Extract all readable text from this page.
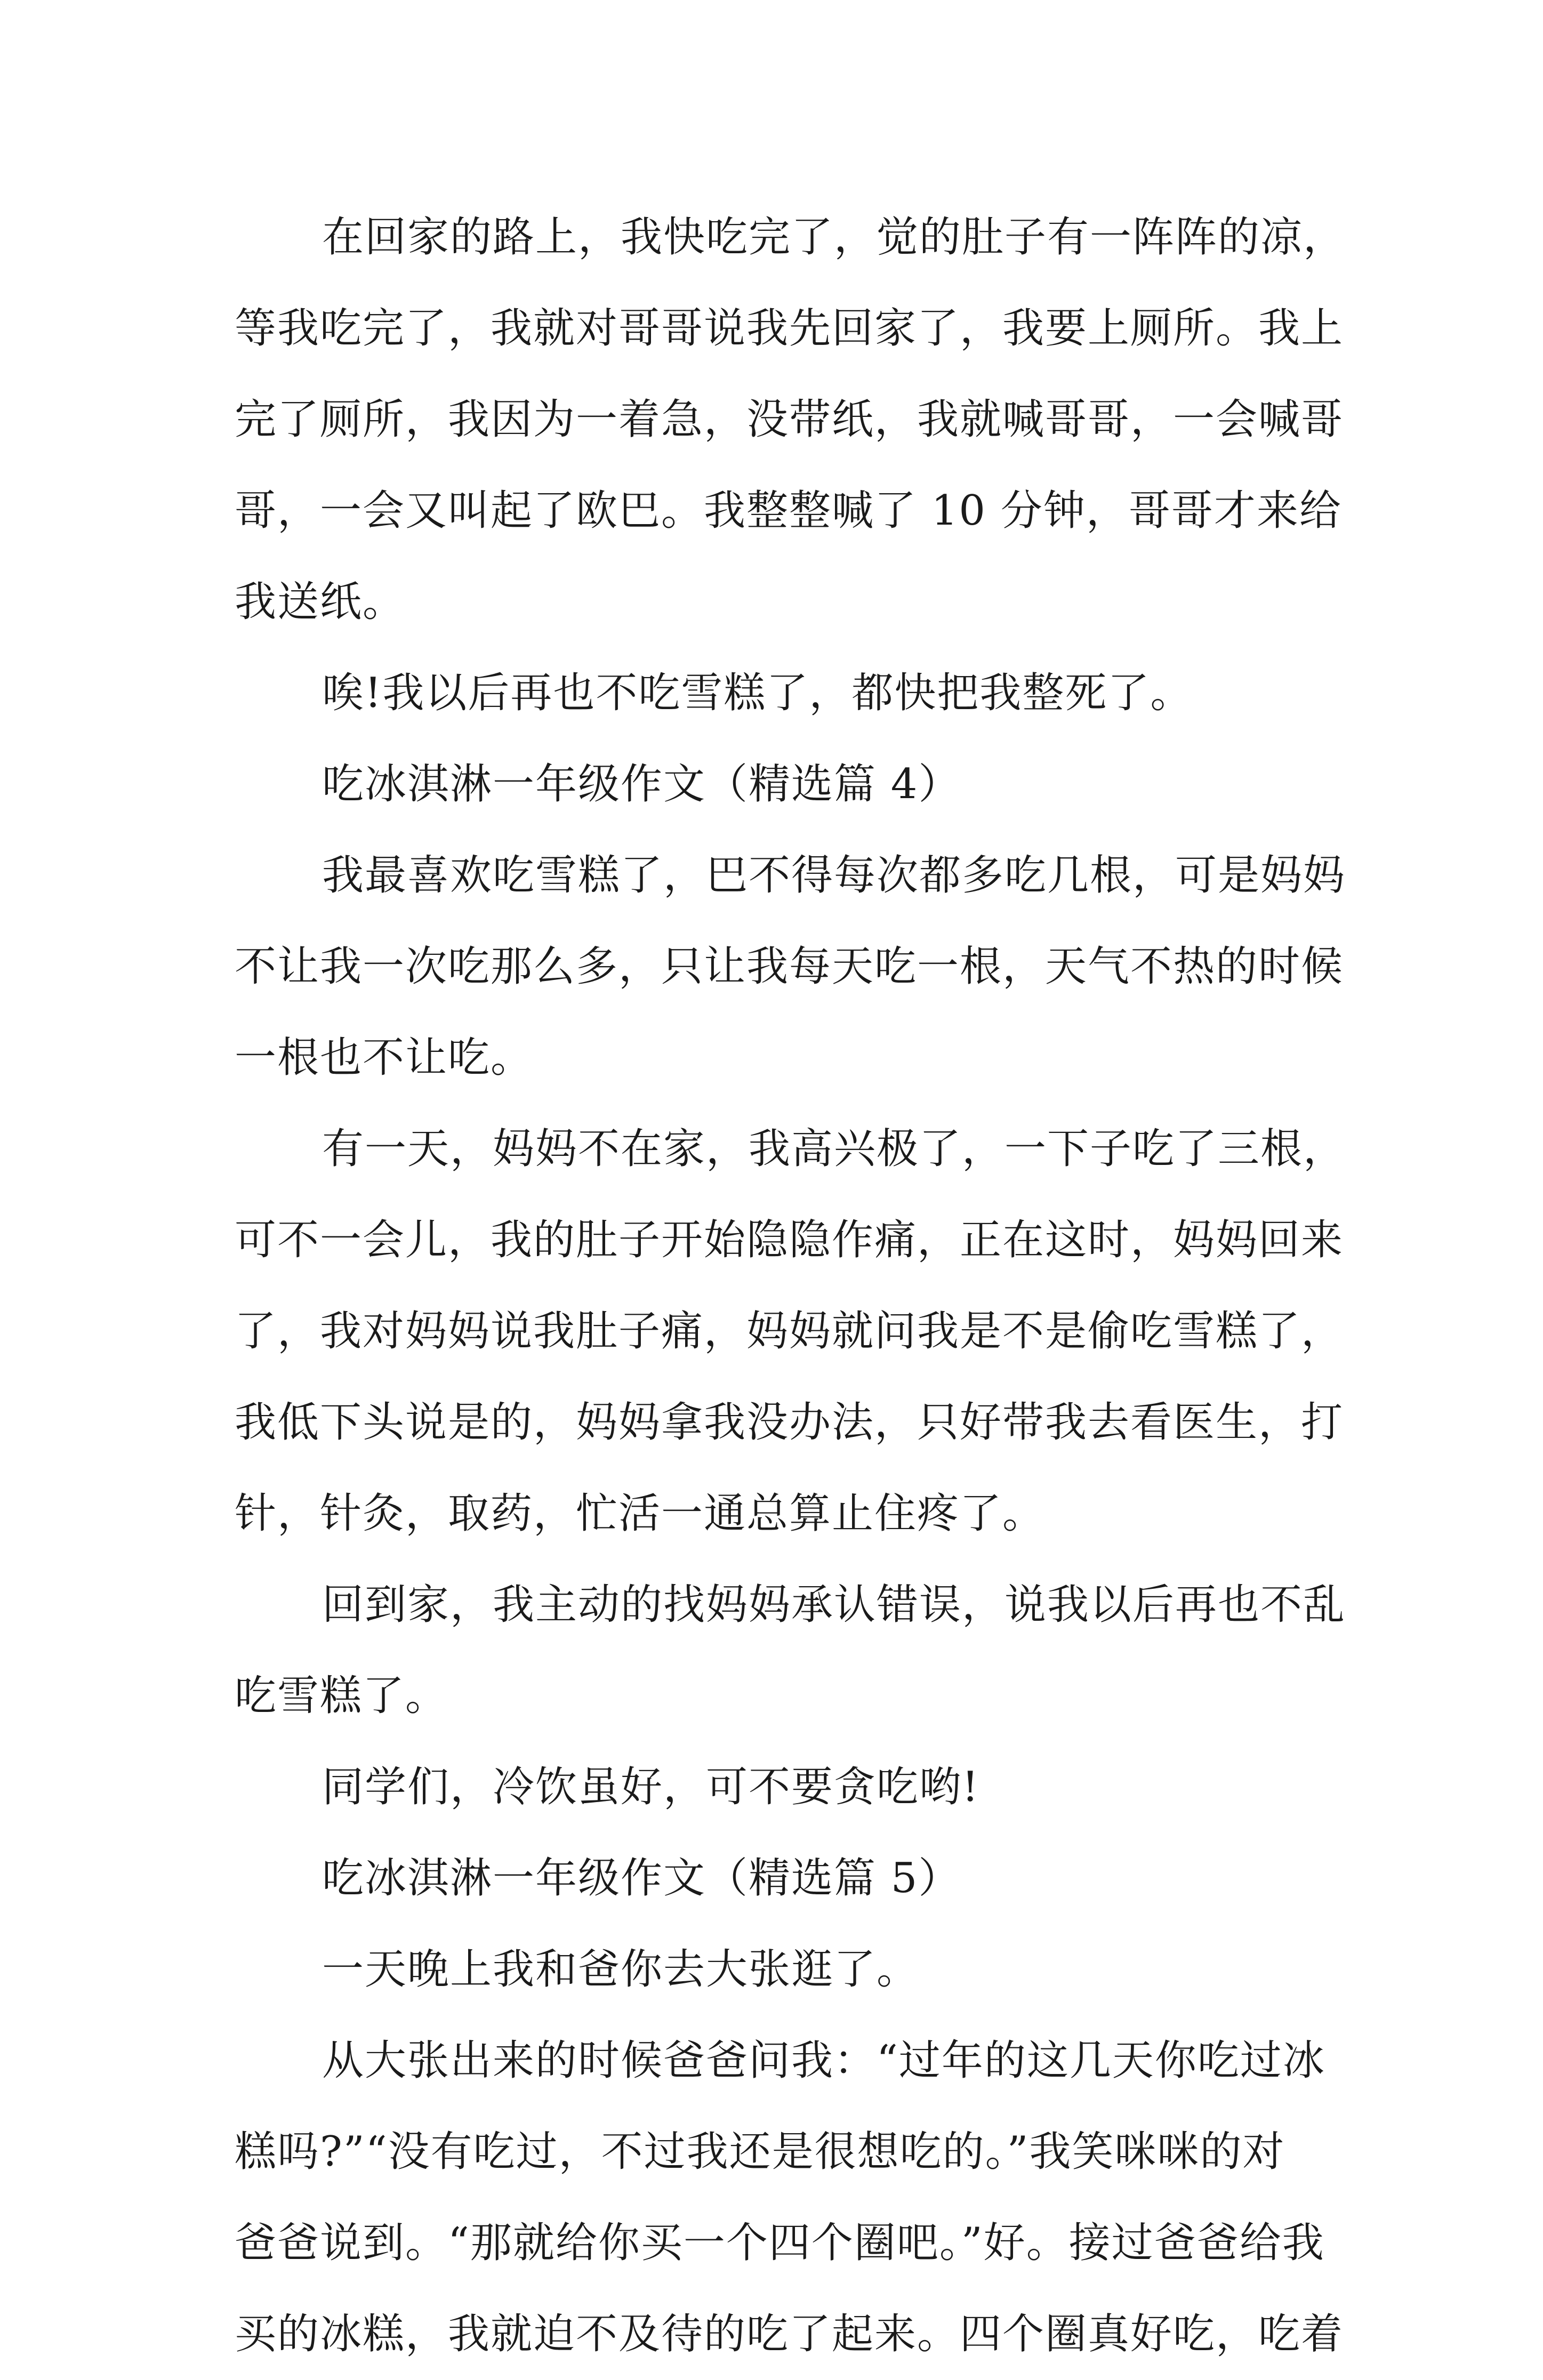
在回家的路上，我快吃完了，觉的肚子有一阵阵的凉，
等我吃完了，我就对哥哥说我先回家了，我要上厕所。我上
完了厕所，我因为一着急，没带纸，我就喊哥哥，一会喊哥
哥，一会又叫起了欧巴。我整整喊了 10 分钟，哥哥才来给
我送纸。

唉!我以后再也不吃雪糕了，都快把我整死了。

吃冰淇淋一年级作文（精选篇 4）

我最喜欢吃雪糕了，巴不得每次都多吃几根，可是妈妈
不让我一次吃那么多，只让我每天吃一根，天气不热的时候
一根也不让吃。

有一天，妈妈不在家，我高兴极了，一下子吃了三根，
可不一会儿，我的肚子开始隐隐作痛，正在这时，妈妈回来
了，我对妈妈说我肚子痛，妈妈就问我是不是偷吃雪糕了，
我低下头说是的，妈妈拿我没办法，只好带我去看医生，打
针，针灸，取药，忙活一通总算止住疼了。

回到家，我主动的找妈妈承认错误，说我以后再也不乱
吃雪糕了。

同学们，冷饮虽好，可不要贪吃哟!

吃冰淇淋一年级作文（精选篇 5）

一天晚上我和爸你去大张逛了。

从大张出来的时候爸爸问我：“过年的这几天你吃过冰
糕吗?”“没有吃过，不过我还是很想吃的。”我笑咪咪的对
爸爸说到。“那就给你买一个四个圈吧。”好。接过爸爸给我
买的冰糕，我就迫不及待的吃了起来。四个圈真好吃，吃着
